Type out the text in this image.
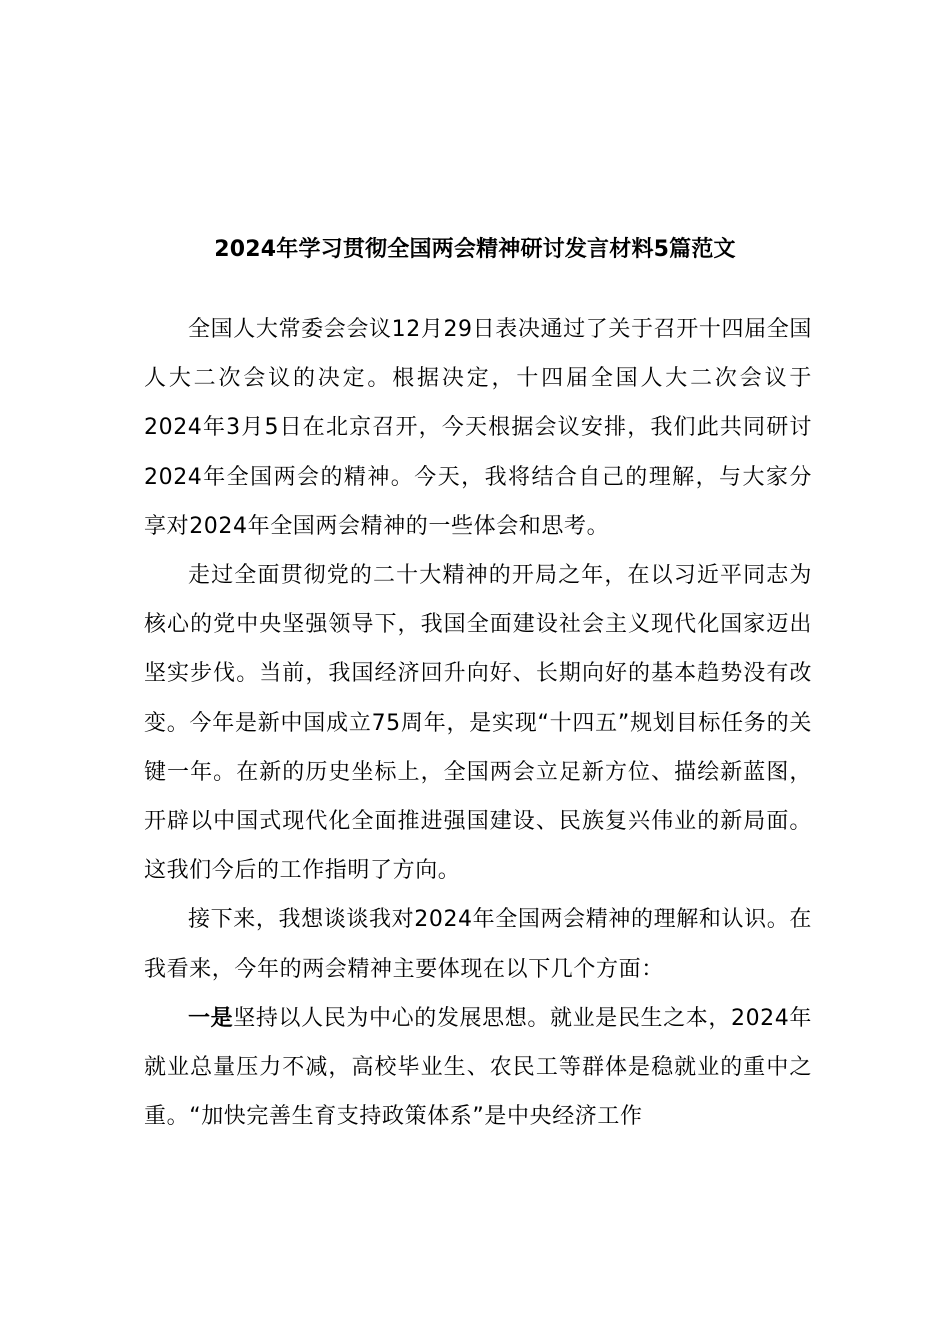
2024年学习贯彻全国两会精神研讨发言材料5篇范文

全国人大常委会会议12月29日表决通过了关于召开十四届全国人大二次会议的决定。根据决定，十四届全国人大二次会议于2024年3月5日在北京召开，今天根据会议安排，我们此共同研讨2024年全国两会的精神。今天，我将结合自己的理解，与大家分享对2024年全国两会精神的一些体会和思考。

走过全面贯彻党的二十大精神的开局之年，在以习近平同志为核心的党中央坚强领导下，我国全面建设社会主义现代化国家迈出坚实步伐。当前，我国经济回升向好、长期向好的基本趋势没有改变。今年是新中国成立75周年，是实现“十四五”规划目标任务的关键一年。在新的历史坐标上，全国两会立足新方位、描绘新蓝图，开辟以中国式现代化全面推进强国建设、民族复兴伟业的新局面。这我们今后的工作指明了方向。

接下来，我想谈谈我对2024年全国两会精神的理解和认识。在我看来，今年的两会精神主要体现在以下几个方面：

一是坚持以人民为中心的发展思想。就业是民生之本，2024年就业总量压力不减，高校毕业生、农民工等群体是稳就业的重中之重。“加快完善生育支持政策体系”是中央经济工作
